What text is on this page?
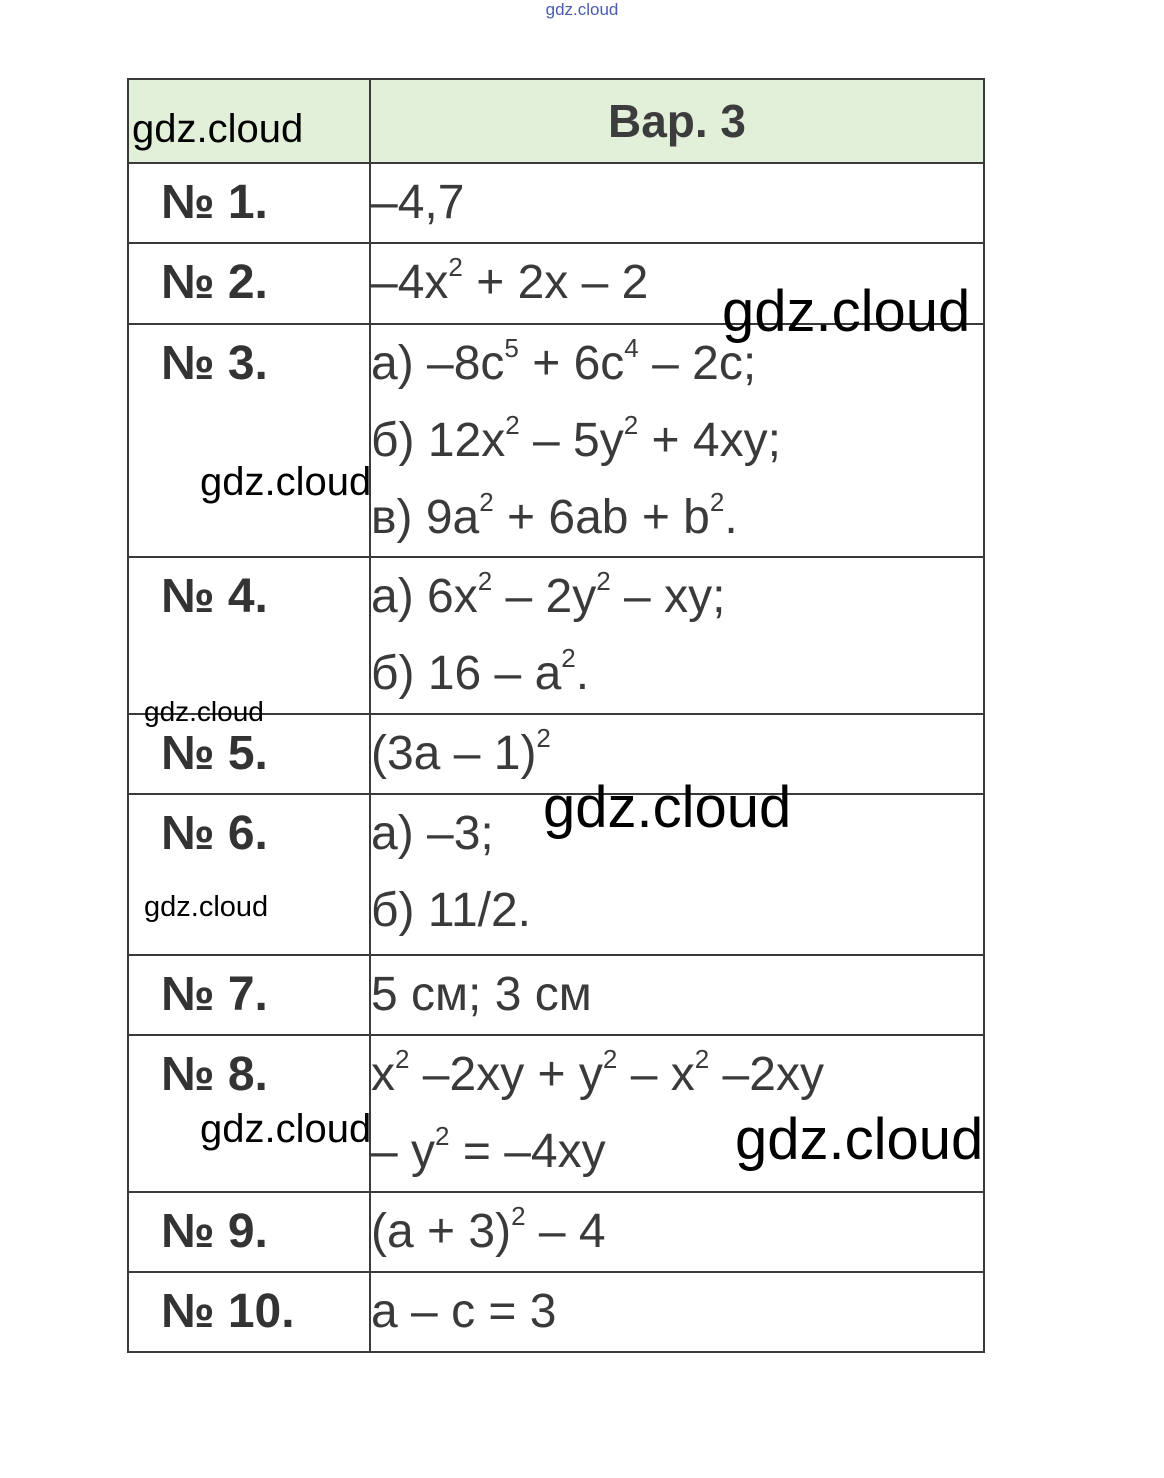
gdz.cloud

	Вар. 3

№ 1.	–4,7

№ 2.	$-4x^2 + 2x - 2$

№ 3.	а) $-8c^5 + 6c^4 - 2c$;
б) $12x^2 - 5y^2 + 4xy$;
в) $9a^2 + 6ab + b^2$.

№ 4.	а) $6x^2 - 2y^2$ – xy;
б) $16 - a^2$.

№ 5.	(3a – 1)$^2$

№ 6.	а) –3;
б) 11/2.

№ 7.	5 см; 3 см

№ 8.	$x^2$ $-2xy + y^2 - x^2$ –2xy
– $y^2 = -4xy$

№ 9.	$(a + 3)^2 - 4$

№ 10.	a – c = 3
gdz.cloud
gdz.cloud
gdz.cloud
gdz.cloud
gdz.cloud
gdz.cloud
gdz.cloud	gdz.cloud
